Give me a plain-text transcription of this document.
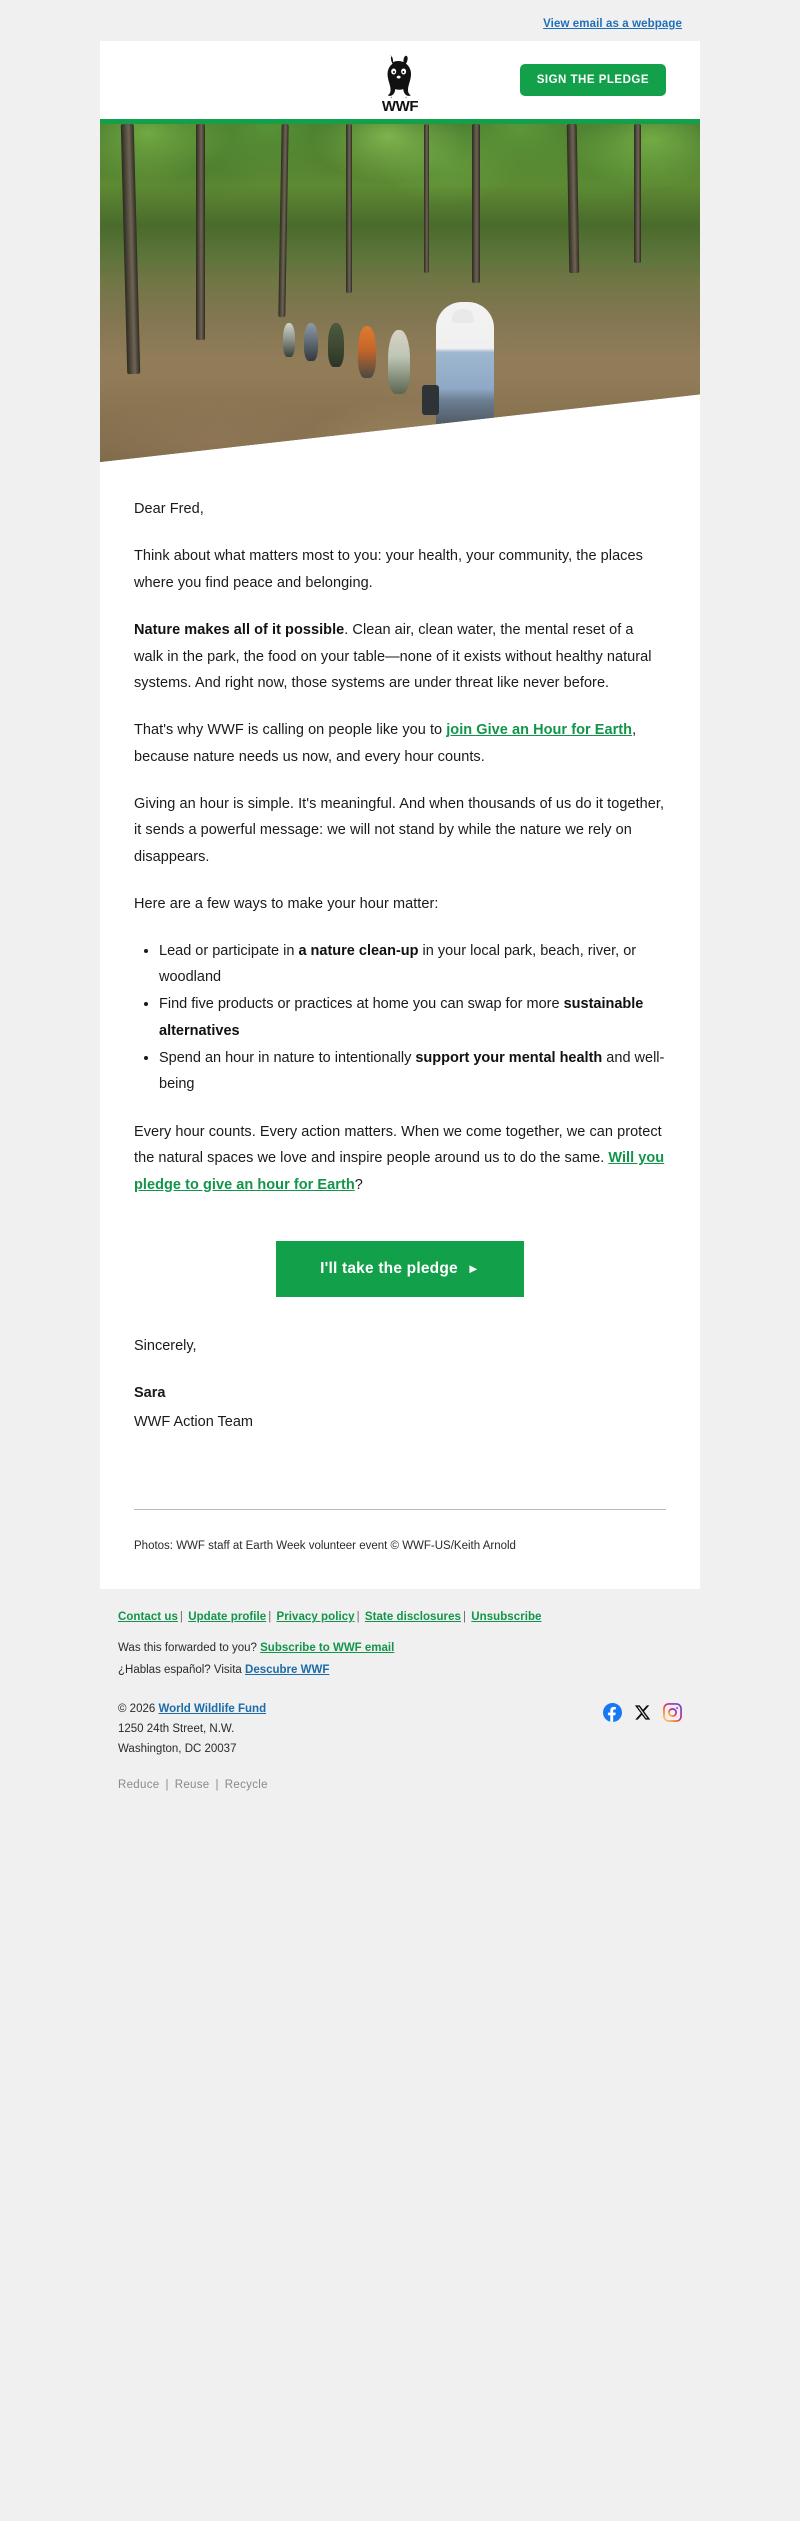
View email as a webpage
WWF
SIGN THE PLEDGE

Dear Fred,

Think about what matters most to you: your health, your community, the places where you find peace and belonging.

Nature makes all of it possible. Clean air, clean water, the mental reset of a walk in the park, the food on your table—none of it exists without healthy natural systems. And right now, those systems are under threat like never before.

That's why WWF is calling on people like you to join Give an Hour for Earth, because nature needs us now, and every hour counts.

Giving an hour is simple. It's meaningful. And when thousands of us do it together, it sends a powerful message: we will not stand by while the nature we rely on disappears.

Here are a few ways to make your hour matter:

• Lead or participate in a nature clean-up in your local park, beach, river, or woodland
• Find five products or practices at home you can swap for more sustainable alternatives
• Spend an hour in nature to intentionally support your mental health and well-being

Every hour counts. Every action matters. When we come together, we can protect the natural spaces we love and inspire people around us to do the same. Will you pledge to give an hour for Earth?

I'll take the pledge ►

Sincerely,

Sara

WWF Action Team

Photos: WWF staff at Earth Week volunteer event © WWF-US/Keith Arnold
Contact us | Update profile | Privacy policy | State disclosures | Unsubscribe
Was this forwarded to you? Subscribe to WWF email
¿Hablas español? Visita Descubre WWF
© 2026 World Wildlife Fund
1250 24th Street, N.W.
Washington, DC 20037
Reduce | Reuse | Recycle
